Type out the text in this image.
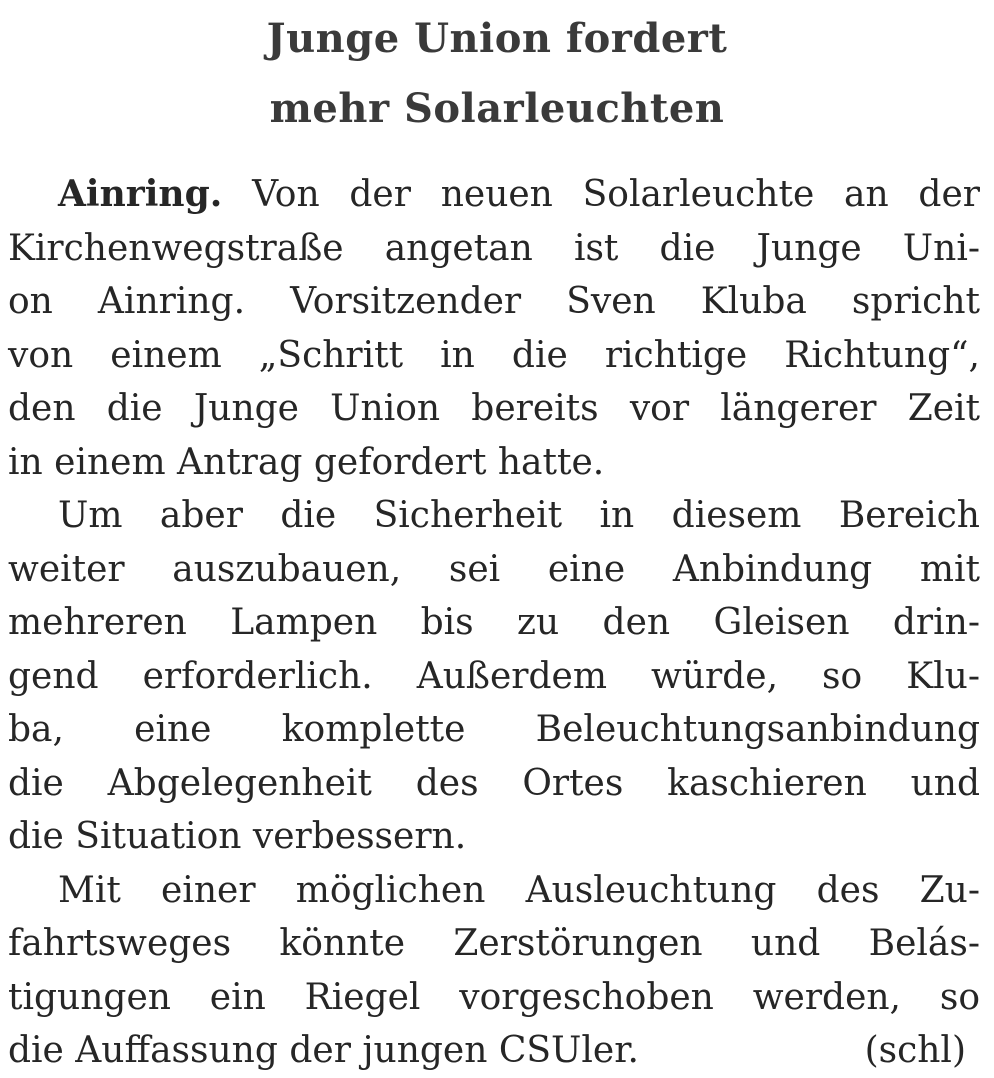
Junge Union fordert
mehr Solarleuchten
Ainring. Von der neuen Solarleuchte an der
Kirchenwegstraße angetan ist die Junge Uni-
on Ainring. Vorsitzender Sven Kluba spricht
von einem „Schritt in die richtige Richtung“,
den die Junge Union bereits vor längerer Zeit
in einem Antrag gefordert hatte.
Um aber die Sicherheit in diesem Bereich
weiter auszubauen, sei eine Anbindung mit
mehreren Lampen bis zu den Gleisen drin-
gend erforderlich. Außerdem würde, so Klu-
ba, eine komplette Beleuchtungsanbindung
die Abgelegenheit des Ortes kaschieren und
die Situation verbessern.
Mit einer möglichen Ausleuchtung des Zu-
fahrtsweges könnte Zerstörungen und Belás-
tigungen ein Riegel vorgeschoben werden, so
die Auffassung der jungen CSUler.	(schl)
